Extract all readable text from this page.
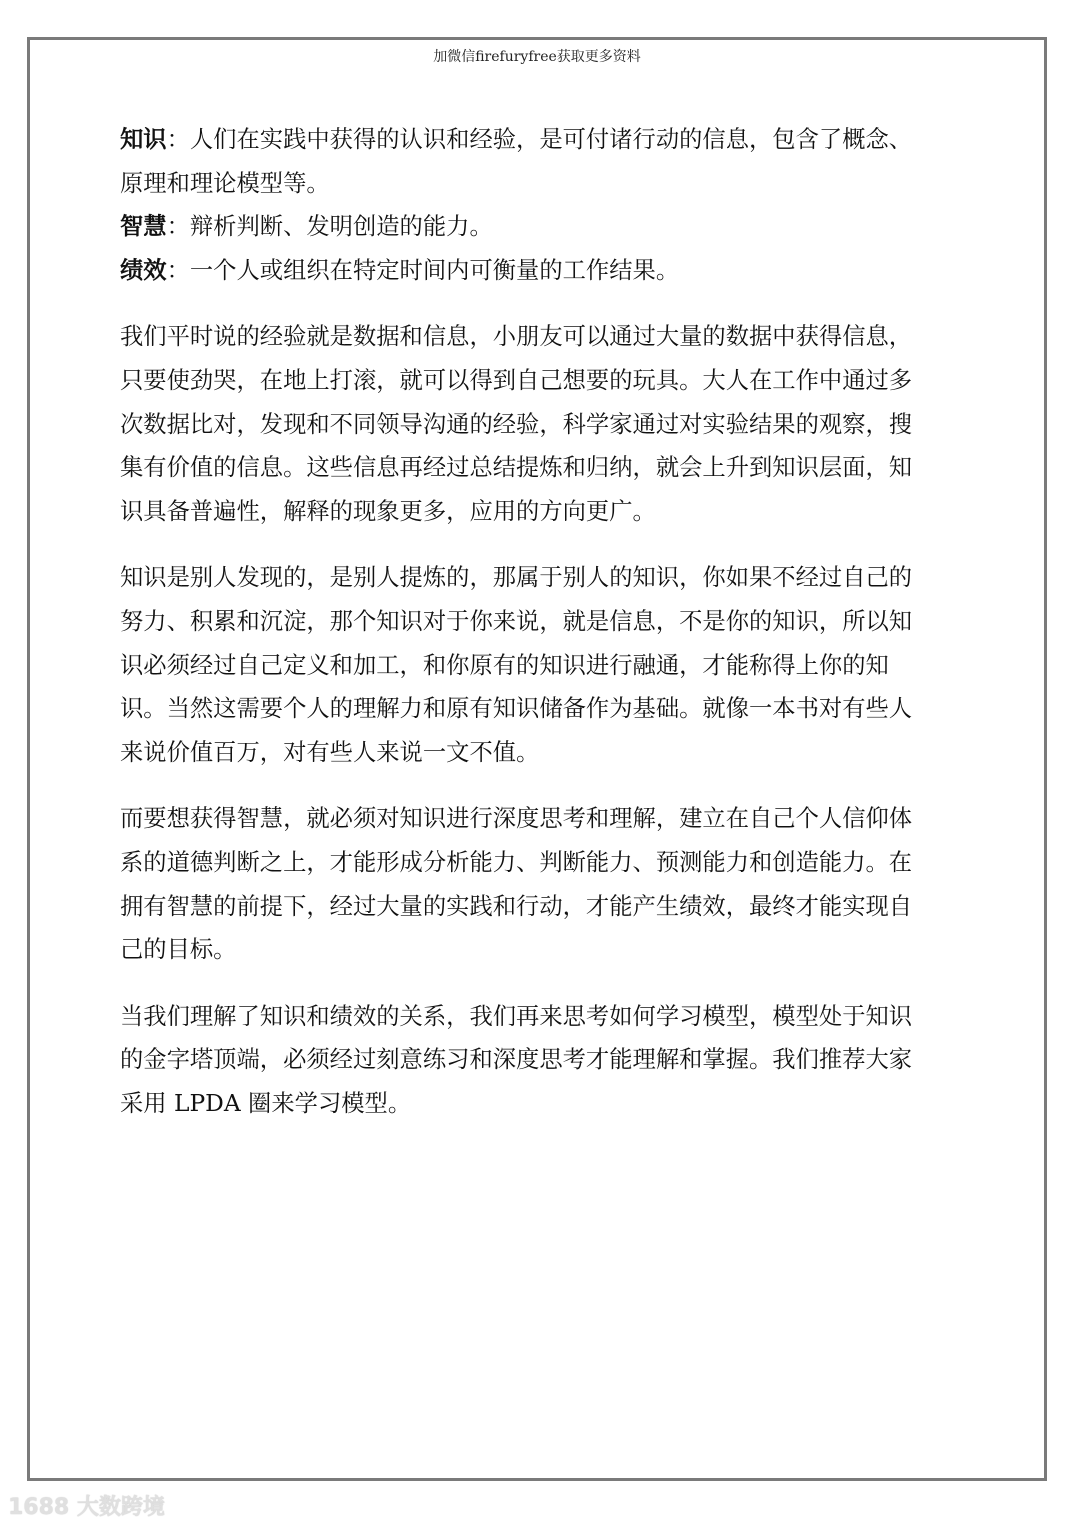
加微信firefuryfree获取更多资料
知识：人们在实践中获得的认识和经验，是可付诸行动的信息，包含了概念、
原理和理论模型等。
智慧：辩析判断、发明创造的能力。
绩效：一个人或组织在特定时间内可衡量的工作结果。
我们平时说的经验就是数据和信息，小朋友可以通过大量的数据中获得信息，
只要使劲哭，在地上打滚，就可以得到自己想要的玩具。大人在工作中通过多
次数据比对，发现和不同领导沟通的经验，科学家通过对实验结果的观察，搜
集有价值的信息。这些信息再经过总结提炼和归纳，就会上升到知识层面，知
识具备普遍性，解释的现象更多，应用的方向更广。
知识是别人发现的，是别人提炼的，那属于别人的知识，你如果不经过自己的
努力、积累和沉淀，那个知识对于你来说，就是信息，不是你的知识，所以知
识必须经过自己定义和加工，和你原有的知识进行融通，才能称得上你的知
识。当然这需要个人的理解力和原有知识储备作为基础。就像一本书对有些人
来说价值百万，对有些人来说一文不值。
而要想获得智慧，就必须对知识进行深度思考和理解，建立在自己个人信仰体
系的道德判断之上，才能形成分析能力、判断能力、预测能力和创造能力。在
拥有智慧的前提下，经过大量的实践和行动，才能产生绩效，最终才能实现自
己的目标。
当我们理解了知识和绩效的关系，我们再来思考如何学习模型，模型处于知识
的金字塔顶端，必须经过刻意练习和深度思考才能理解和掌握。我们推荐大家
采用 LPDA 圈来学习模型。
1688 大数跨境
